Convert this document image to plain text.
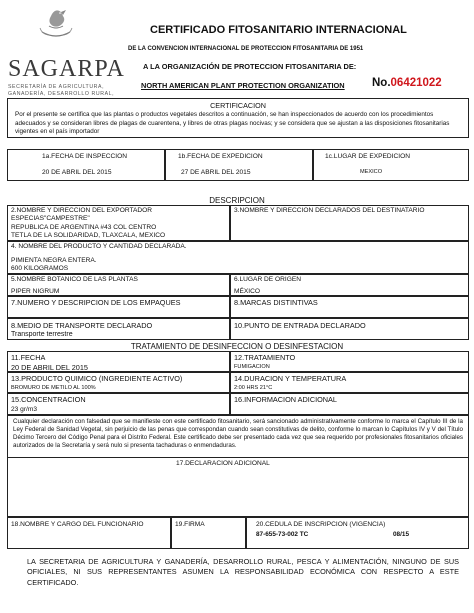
SAGARPA
SECRETARÍA DE AGRICULTURA, GANADERÍA, DESARROLLO RURAL,
CERTIFICADO FITOSANITARIO INTERNACIONAL
DE LA CONVENCION INTERNACIONAL DE PROTECCION FITOSANITARIA DE 1951
A LA ORGANIZACIÓN DE PROTECCION FITOSANITARIA DE:
NORTH AMERICAN PLANT PROTECTION ORGANIZATION No.06421022
CERTIFICACION
Por el presente se certifica que las plantas o productos vegetales descritos a continuación, se han inspeccionados de acuerdo con los procedimientos adecuados y se consideran libres de plagas de cuarentena, y libres de otras plagas nocivas; y se considera que se ajustan a las disposiciones fitosanitarias vigentes en el país importador
1a.FECHA DE INSPECCION
20 DE ABRIL DEL 2015
1b.FECHA DE EXPEDICION
27 DE ABRIL DEL 2015
1c.LUGAR DE EXPEDICION
MEXICO
DESCRIPCION
2.NOMBRE Y DIRECCION DEL EXPORTADOR
ESPECIAS"CAMPESTRE"
REPUBLICA DE ARGENTINA #43 COL CENTRO
TETLA DE LA SOLIDARIDAD, TLAXCALA, MEXICO
3.NOMBRE Y DIRECCION DECLARADOS DEL DESTINATARIO
4. NOMBRE DEL PRODUCTO Y CANTIDAD DECLARADA.
PIMIENTA NEGRA ENTERA.
600 KILOGRAMOS
5.NOMBRE BOTANICO DE LAS PLANTAS
PIPER NIGRUM
6.LUGAR DE ORIGEN
MÉXICO
7.NUMERO Y DESCRIPCION DE LOS EMPAQUES	8.MARCAS DISTINTIVAS
8.MEDIO DE TRANSPORTE DECLARADO
Transporte terrestre
10.PUNTO DE ENTRADA DECLARADO
TRATAMIENTO DE DESINFECCION O DESINFESTACION
11.FECHA
20 DE ABRIL DEL 2015
12.TRATAMIENTO
FUMIGACION
13.PRODUCTO QUIMICO (INGREDIENTE ACTIVO)
BROMURO DE METILO AL 100%
14.DURACION Y TEMPERATURA
2:00 HRS 21°C
15.CONCENTRACION
23 gr/m3
16.INFORMACION ADICIONAL
Cualquier declaración con falsedad que se manifieste con este certificado fitosanitario, será sancionado administrativamente conforme lo marca el Capítulo III de la Ley Federal de Sanidad Vegetal, sin perjuicio de las penas que correspondan cuando sean constitutivas de delito, conforme lo marcan lo Capítulos IV y V del Título Décimo Tercero del Código Penal para el Distrito Federal. Este certificado debe ser presentado cada vez que sea requerido por profesionales fitosanitarios oficiales autorizados de la Secretaría y será nulo si presenta tachaduras o enmendaduras.
17.DECLARACION ADICIONAL
18.NOMBRE Y CARGO DEL FUNCIONARIO	19.FIRMA	20.CEDULA DE INSCRIPCION (VIGENCIA)
87-655-73-002 TC	08/15
LA SECRETARIA DE AGRICULTURA Y GANADERÍA, DESARROLLO RURAL, PESCA Y ALIMENTACIÓN, NINGUNO DE SUS OFICIALES, NI SUS REPRESENTANTES ASUMEN LA RESPONSABILIDAD ECONÓMICA CON RESPECTO A ESTE CERTIFICADO.
